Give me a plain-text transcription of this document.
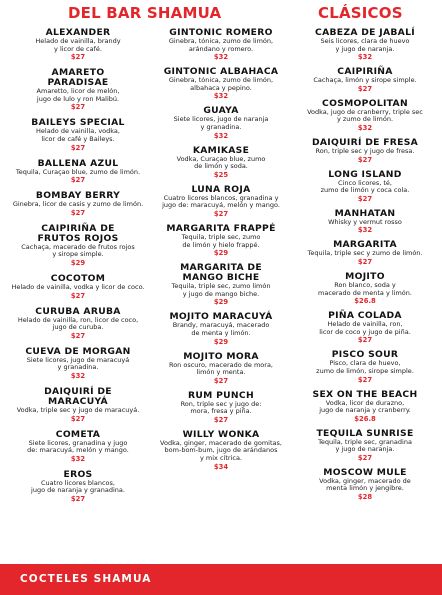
DEL BAR SHAMUA	CLÁSICOS
ALEXANDER
Helado de vainilla, brandy
y licor de café.
$27
AMARETO
PARADISAE
Amaretto, licor de melón,
jugo de lulo y ron Malibú.
$27
BAILEYS SPECIAL
Helado de vainilla, vodka,
licor de café y Baileys.
$27
BALLENA AZUL
Tequila, Curaçao blue, zumo de limón.
$27
BOMBAY BERRY
Ginebra, licor de casis y zumo de limón.
$27
CAIPIRIÑA DE
FRUTOS ROJOS
Cachaça, macerado de frutos rojos
y sirope simple.
$29
COCOTOM
Helado de vainilla, vodka y licor de coco.
$27
CURUBA ARUBA
Helado de vainilla, ron, licor de coco,
jugo de curuba.
$27
CUEVA DE MORGAN
Siete licores, jugo de maracuyá
y granadina.
$32
DAIQUIRÍ DE
MARACUYÁ
Vodka, triple sec y jugo de maracuyá.
$27
COMETA
Siete licores, granadina y jugo
de: maracuyá, melón y mango.
$32
EROS
Cuatro licores blancos,
jugo de naranja y granadina.
$27
GINTONIC ROMERO
Ginebra, tónica, zumo de limón,
arándano y romero.
$32
GINTONIC ALBAHACA
Ginebra, tónica, zumo de limón,
albahaca y pepino.
$32
GUAYA
Siete licores, jugo de naranja
y granadina.
$32
KAMIKASE
Vodka, Curaçao blue, zumo
de limón y soda.
$25
LUNA ROJA
Cuatro licores blancos, granadina y
jugo de: maracuyá, melón y mango.
$27
MARGARITA FRAPPÉ
Tequila, triple sec, zumo
de limón y hielo frappé.
$29
MARGARITA DE
MANGO BICHE
Tequila, triple sec, zumo limón
y jugo de mango biche.
$29
MOJITO MARACUYÁ
Brandy, maracuyá, macerado
de menta y limón.
$29
MOJITO MORA
Ron oscuro, macerado de mora,
limón y menta.
$27
RUM PUNCH
Ron, triple sec y jugo de:
mora, fresa y piña.
$27
WILLY WONKA
Vodka, ginger, macerado de gomitas,
bom-bom-bum, jugo de arándanos
y mix cítrica.
$34
CABEZA DE JABALÍ
Seis licores, clara de huevo
y jugo de naranja.
$32
CAIPIRIÑA
Cachaça, limón y sirope simple.
$27
COSMOPOLITAN
Vodka, jugo de cranberry, triple sec
y zumo de limón.
$32
DAIQUIRÍ DE FRESA
Ron, triple sec y jugo de fresa.
$27
LONG ISLAND
Cinco licores, té,
zumo de limón y coca cola.
$27
MANHATAN
Whisky y vermut rosso
$32
MARGARITA
Tequila, triple sec y zumo de limón.
$27
MOJITO
Ron blanco, soda y
macerado de menta y limón.
$26.8
PIÑA COLADA
Helado de vainilla, ron,
licor de coco y jugo de piña.
$27
PISCO SOUR
Pisco, clara de huevo,
zumo de limón, sirope simple.
$27
SEX ON THE BEACH
Vodka, licor de durazno,
jugo de naranja y cranberry.
$26.8
TEQUILA SUNRISE
Tequila, triple sec, granadina
y jugo de naranja.
$27
MOSCOW MULE
Vodka, ginger, macerado de
menta limón y jengibre.
$28
COCTELES SHAMUA
